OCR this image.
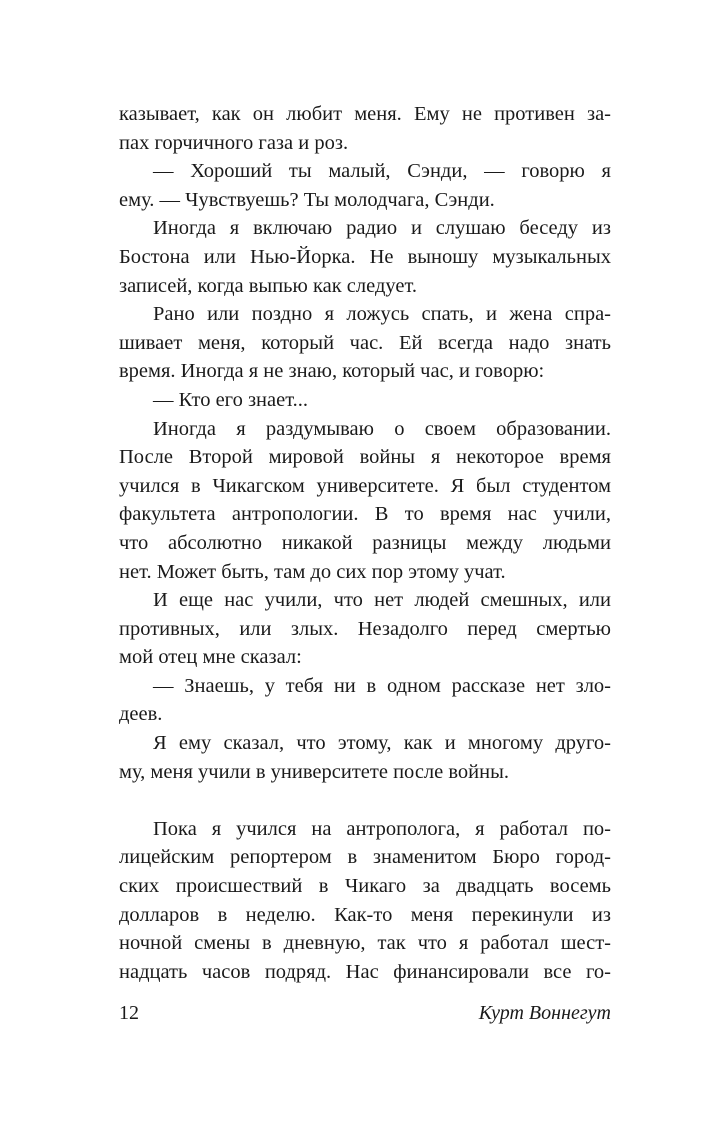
казывает, как он любит меня. Ему не противен за-
пах горчичного газа и роз.
— Хороший ты малый, Сэнди, — говорю я
ему. — Чувствуешь? Ты молодчага, Сэнди.
Иногда я включаю радио и слушаю беседу из
Бостона или Нью-Йорка. Не выношу музыкальных
записей, когда выпью как следует.
Рано или поздно я ложусь спать, и жена спра-
шивает меня, который час. Ей всегда надо знать
время. Иногда я не знаю, который час, и говорю:
— Кто его знает...
Иногда я раздумываю о своем образовании.
После Второй мировой войны я некоторое время
учился в Чикагском университете. Я был студентом
факультета антропологии. В то время нас учили,
что абсолютно никакой разницы между людьми
нет. Может быть, там до сих пор этому учат.
И еще нас учили, что нет людей смешных, или
противных, или злых. Незадолго перед смертью
мой отец мне сказал:
— Знаешь, у тебя ни в одном рассказе нет зло-
деев.
Я ему сказал, что этому, как и многому друго-
му, меня учили в университете после войны.
Пока я учился на антрополога, я работал по-
лицейским репортером в знаменитом Бюро город-
ских происшествий в Чикаго за двадцать восемь
долларов в неделю. Как-то меня перекинули из
ночной смены в дневную, так что я работал шест-
надцать часов подряд. Нас финансировали все го-
12	Курт Воннегут
